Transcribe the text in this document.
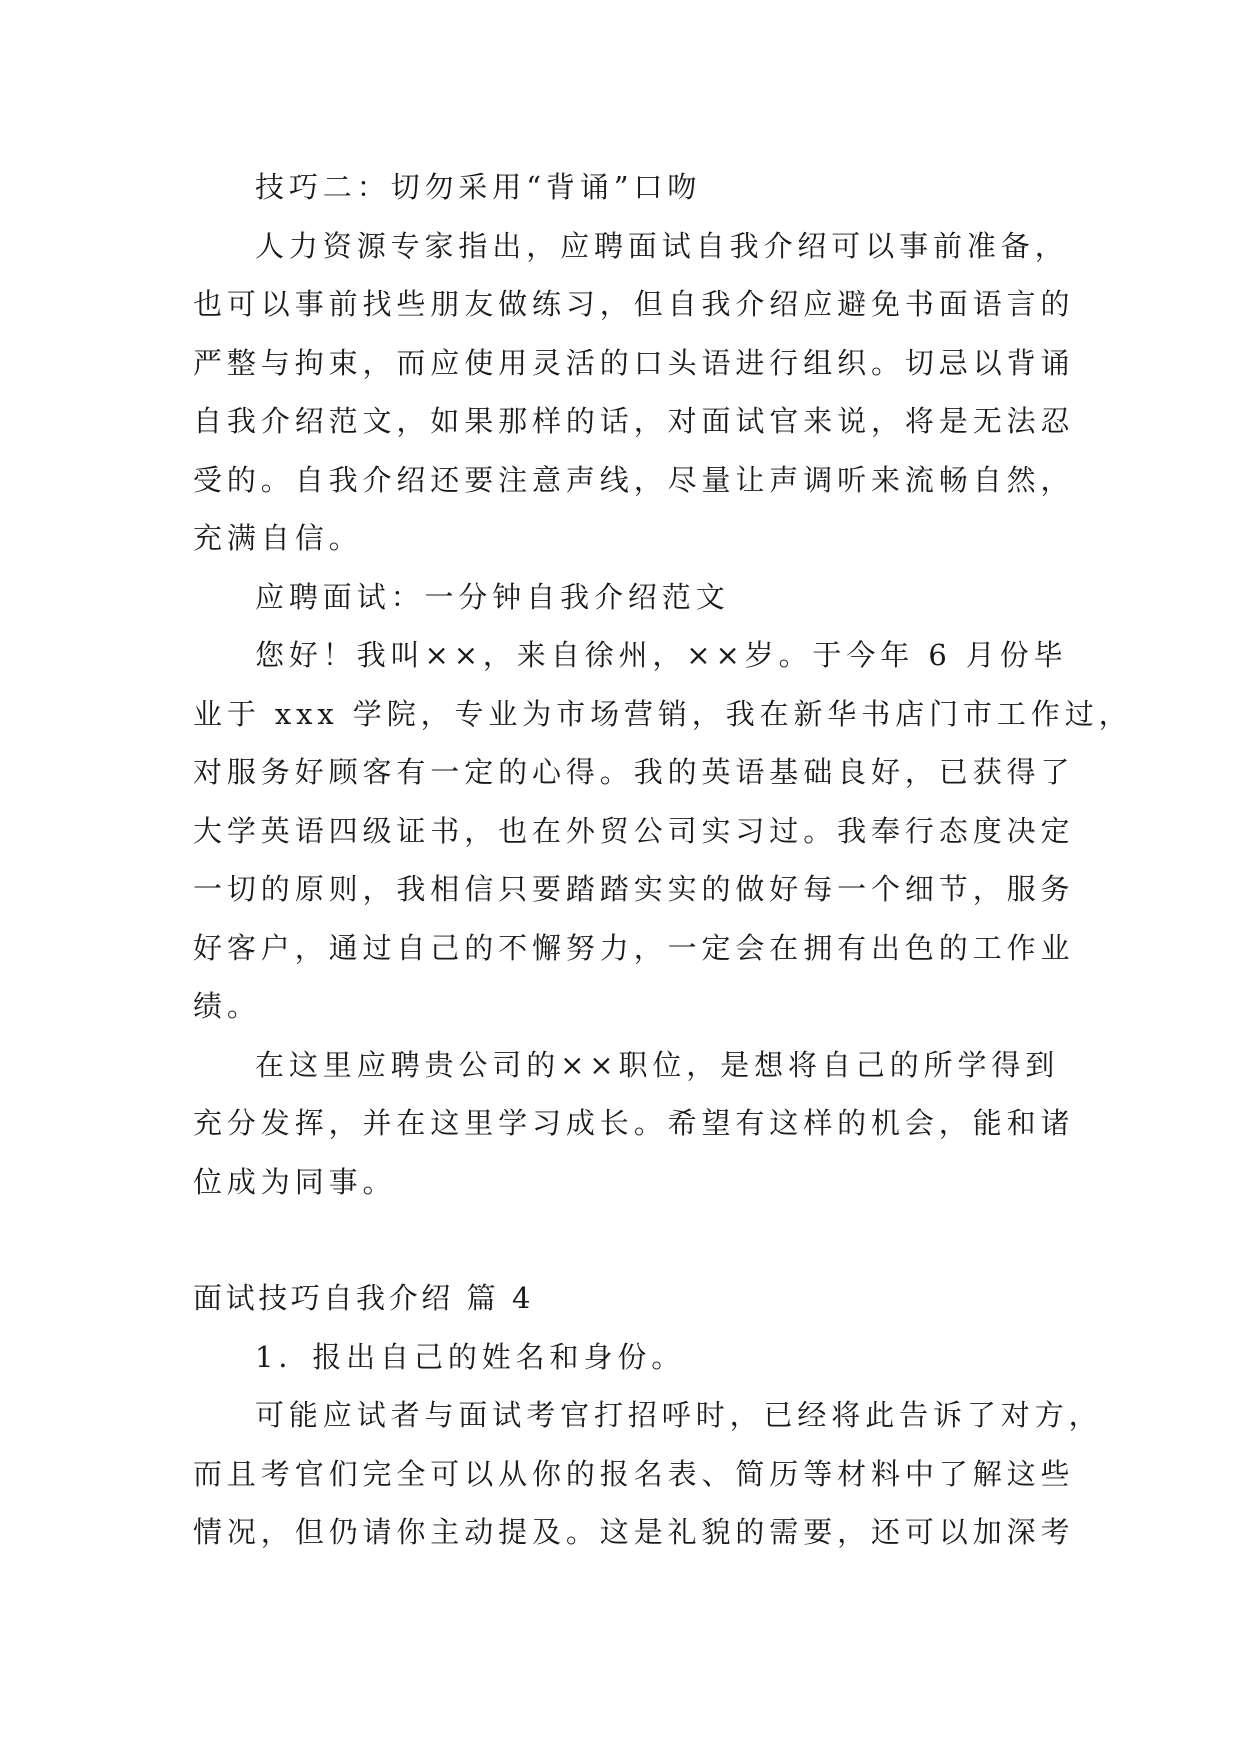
技巧二：切勿采用“背诵”口吻

人力资源专家指出，应聘面试自我介绍可以事前准备，
也可以事前找些朋友做练习，但自我介绍应避免书面语言的
严整与拘束，而应使用灵活的口头语进行组织。切忌以背诵
自我介绍范文，如果那样的话，对面试官来说，将是无法忍
受的。自我介绍还要注意声线，尽量让声调听来流畅自然，
充满自信。

应聘面试：一分钟自我介绍范文

您好！我叫××，来自徐州，××岁。于今年 6 月份毕
业于 xxx 学院，专业为市场营销，我在新华书店门市工作过，
对服务好顾客有一定的心得。我的英语基础良好，已获得了
大学英语四级证书，也在外贸公司实习过。我奉行态度决定
一切的原则，我相信只要踏踏实实的做好每一个细节，服务
好客户，通过自己的不懈努力，一定会在拥有出色的工作业
绩。
在这里应聘贵公司的××职位，是想将自己的所学得到
充分发挥，并在这里学习成长。希望有这样的机会，能和诸
位成为同事。

面试技巧自我介绍 篇 4

1．报出自己的姓名和身份。

可能应试者与面试考官打招呼时，已经将此告诉了对方，
而且考官们完全可以从你的报名表、简历等材料中了解这些
情况，但仍请你主动提及。这是礼貌的需要，还可以加深考
